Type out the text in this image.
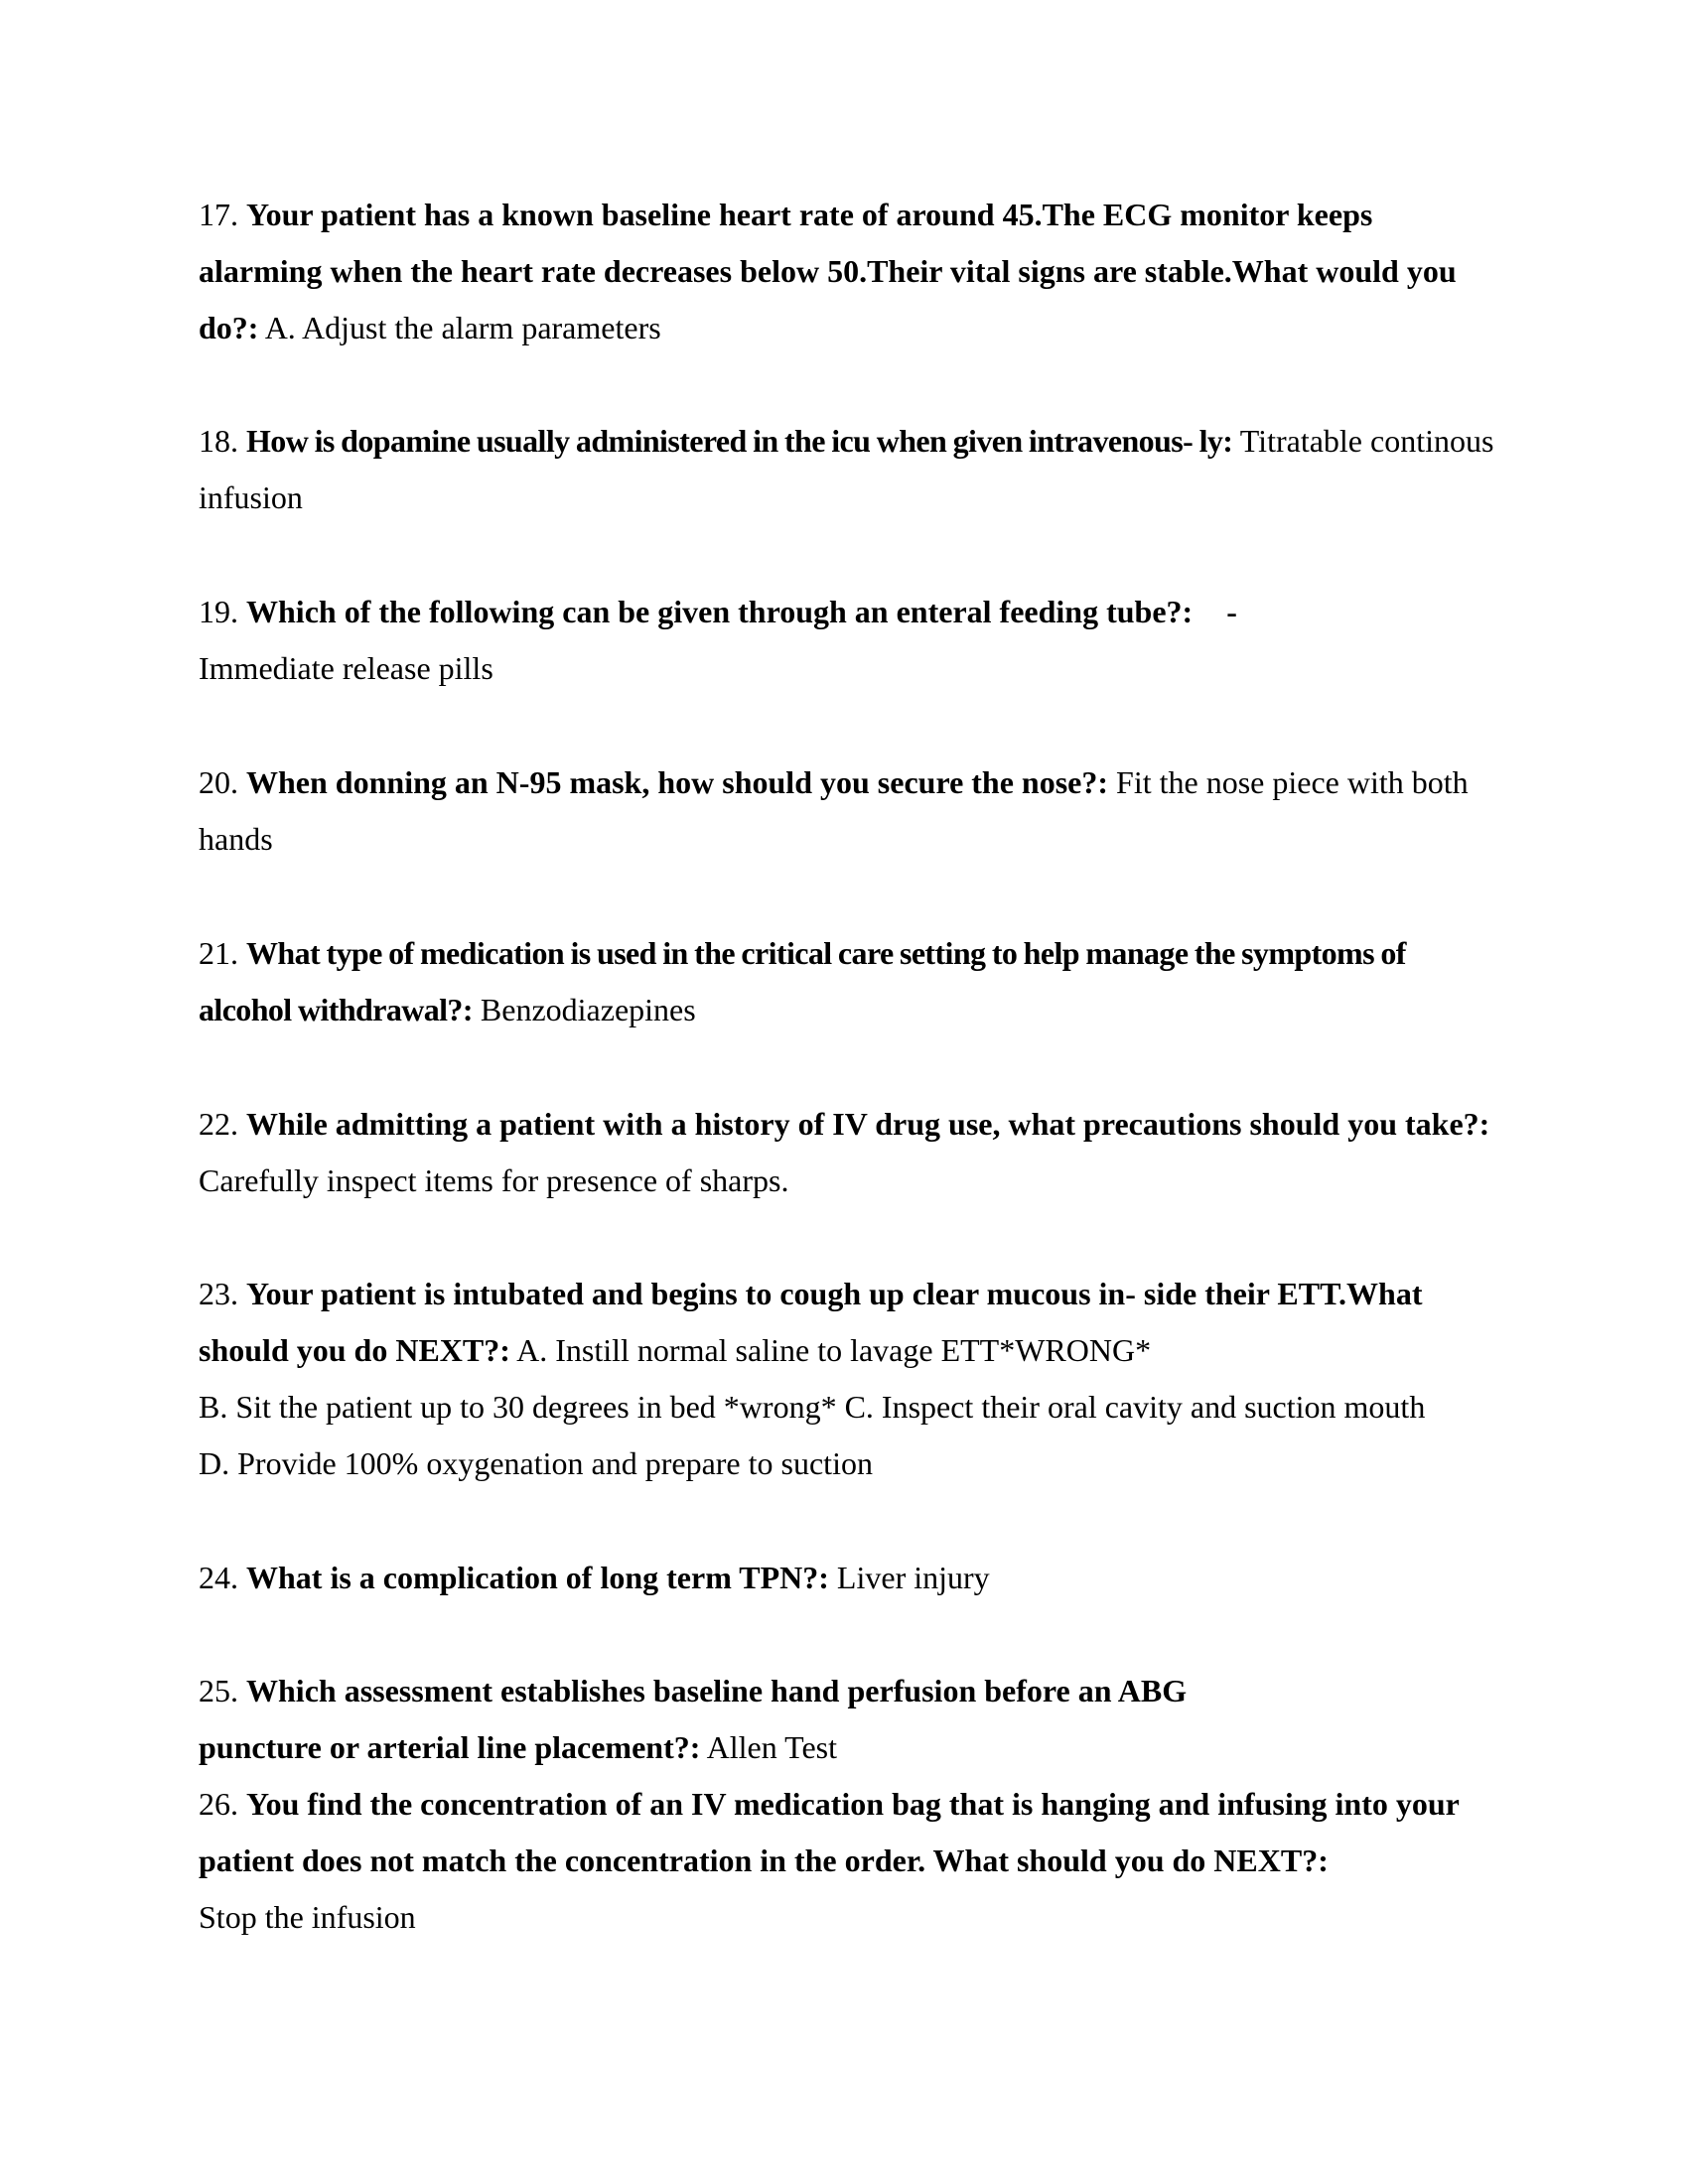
17. Your patient has a known baseline heart rate of around 45.The ECG monitor keeps alarming when the heart rate decreases below 50.Their vital signs are stable.What would you do?: A. Adjust the alarm parameters

18. How is dopamine usually administered in the icu when given intravenous- ly: Titratable continous infusion

19. Which of the following can be given through an enteral feeding tube?: -
Immediate release pills

20. When donning an N-95 mask, how should you secure the nose?: Fit the nose piece with both hands

21. What type of medication is used in the critical care setting to help manage the symptoms of alcohol withdrawal?: Benzodiazepines

22. While admitting a patient with a history of IV drug use, what precautions should you take?: Carefully inspect items for presence of sharps.

23. Your patient is intubated and begins to cough up clear mucous in- side their ETT.What should you do NEXT?: A. Instill normal saline to lavage ETT*WRONG*
B. Sit the patient up to 30 degrees in bed *wrong* C. Inspect their oral cavity and suction mouth
D. Provide 100% oxygenation and prepare to suction

24. What is a complication of long term TPN?: Liver injury

25. Which assessment establishes baseline hand perfusion before an ABG
puncture or arterial line placement?: Allen Test

26. You find the concentration of an IV medication bag that is hanging and infusing into your patient does not match the concentration in the order. What should you do NEXT?:
Stop the infusion
